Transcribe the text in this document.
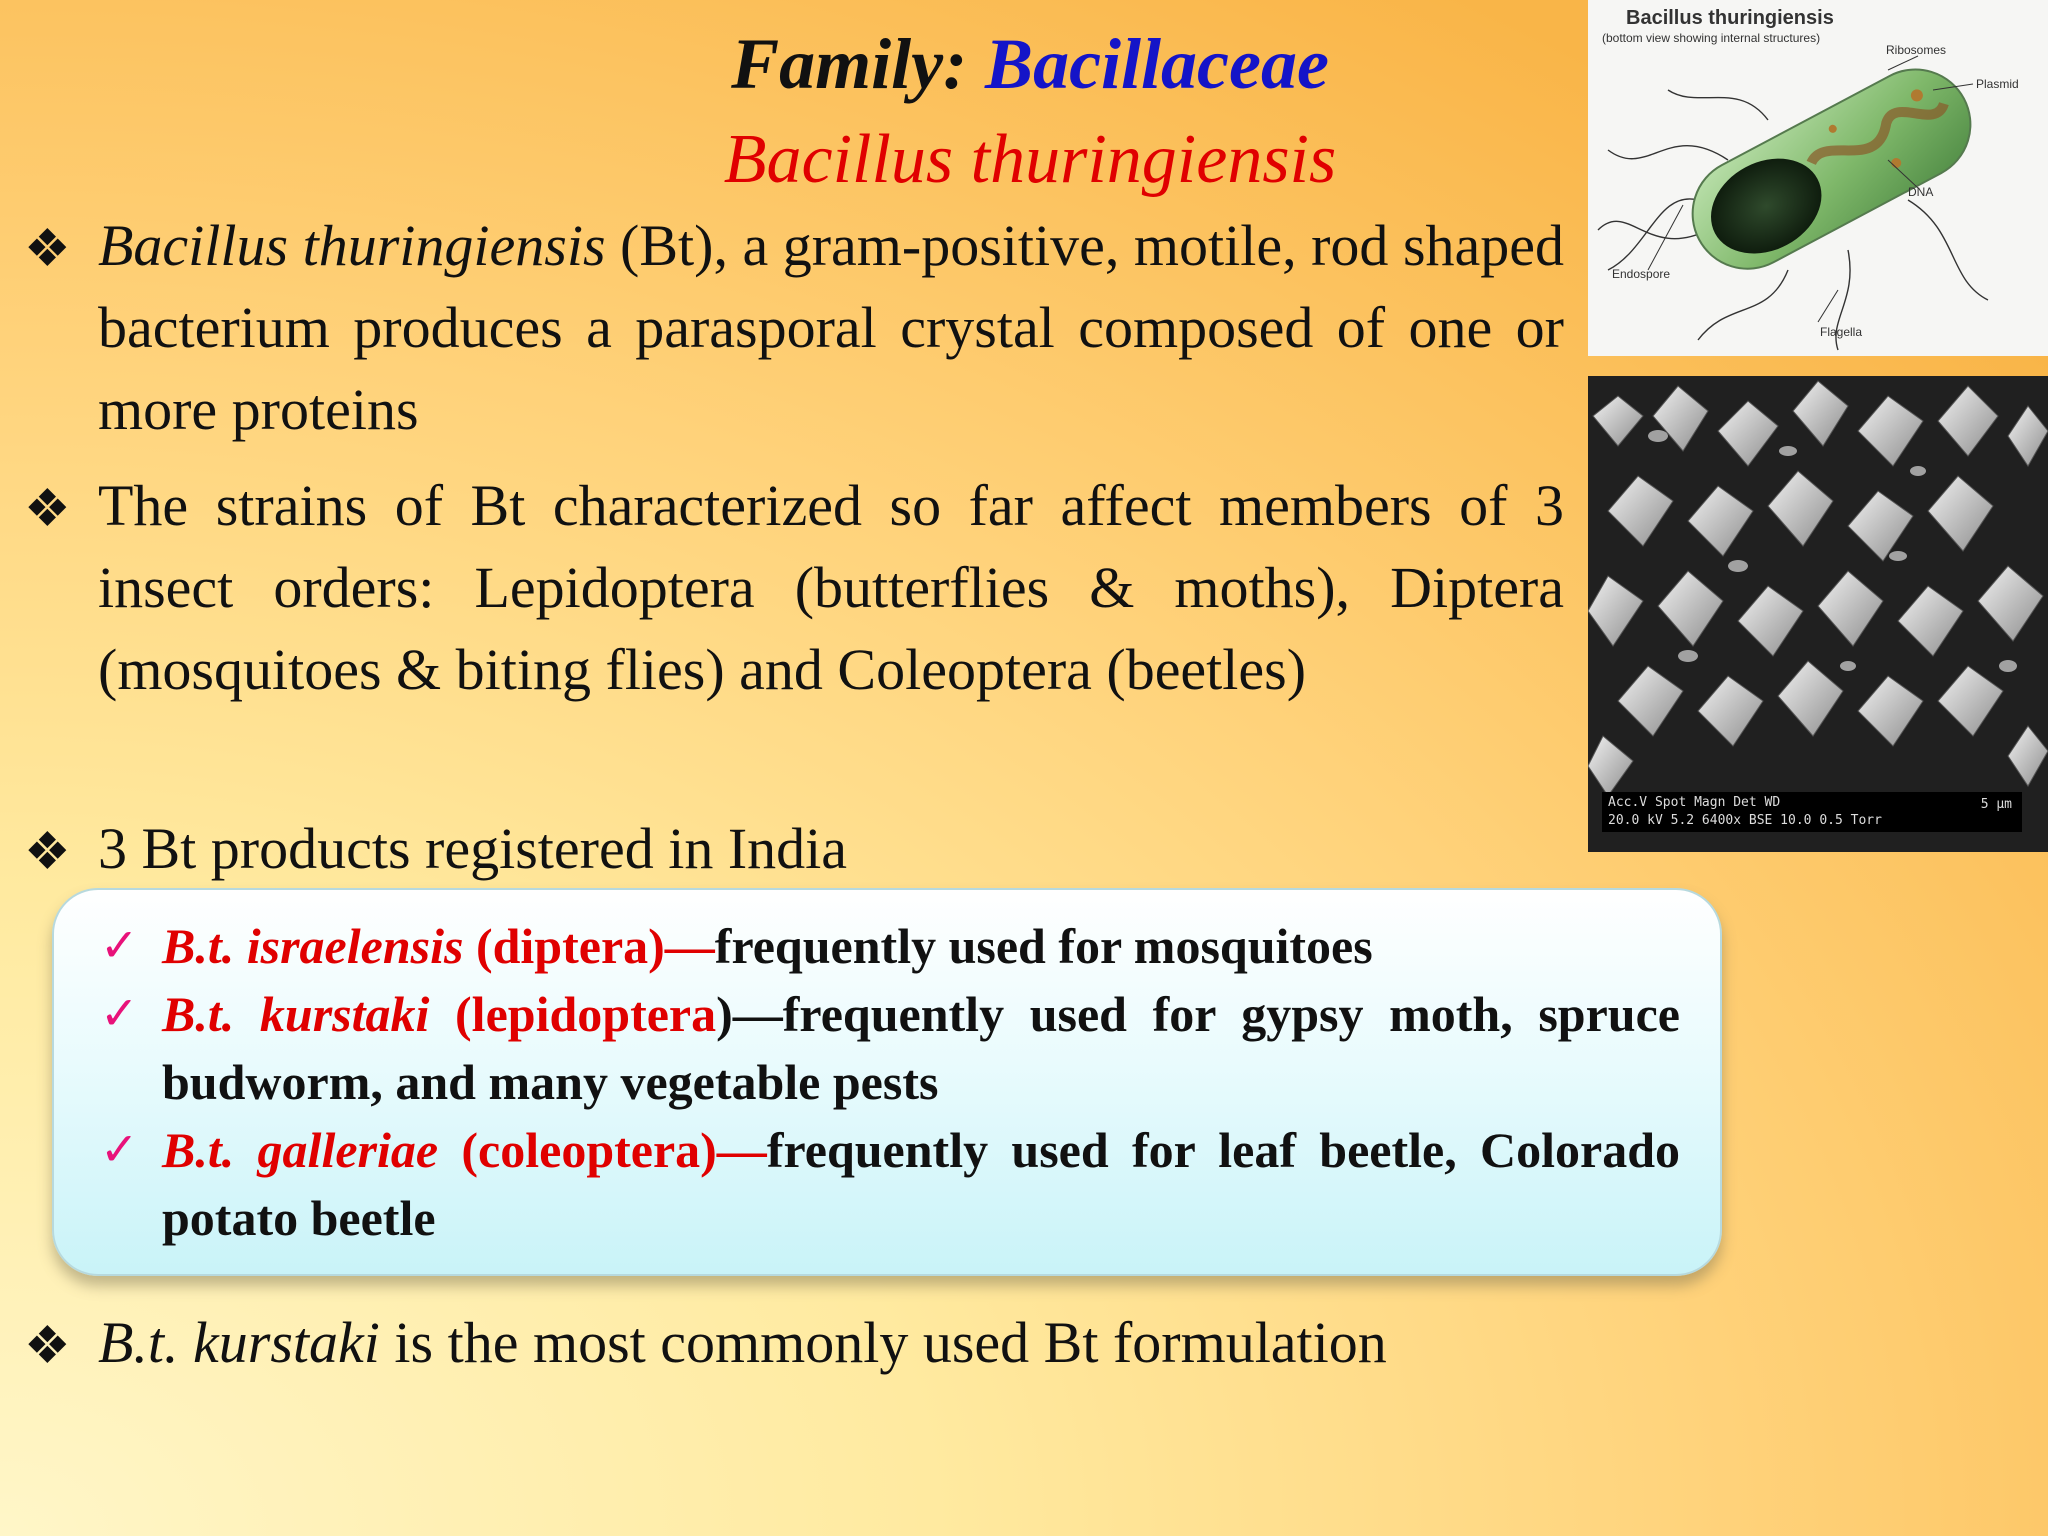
Family: Bacillaceae
Bacillus thuringiensis
❖ Bacillus thuringiensis (Bt), a gram-positive, motile, rod shaped bacterium produces a parasporal crystal composed of one or more proteins

❖ The strains of Bt characterized so far affect members of 3 insect orders: Lepidoptera (butterflies & moths), Diptera (mosquitoes & biting flies) and Coleoptera (beetles)

❖ 3 Bt products registered in India

✓ B.t. israelensis (diptera)—frequently used for mosquitoes
✓ B.t. kurstaki (lepidoptera)—frequently used for gypsy moth, spruce budworm, and many vegetable pests
✓ B.t. galleriae (coleoptera)—frequently used for leaf beetle, Colorado potato beetle
❖ B.t. kurstaki is the most commonly used Bt formulation

Bacillus thuringiensis
(bottom view showing internal structures)
Ribosomes
Plasmid
DNA
Endospore
Flagella
Acc.V Spot Magn Det WD
20.0 kV 5.2 6400x BSE 10.0 0.5 Torr
5 µm
